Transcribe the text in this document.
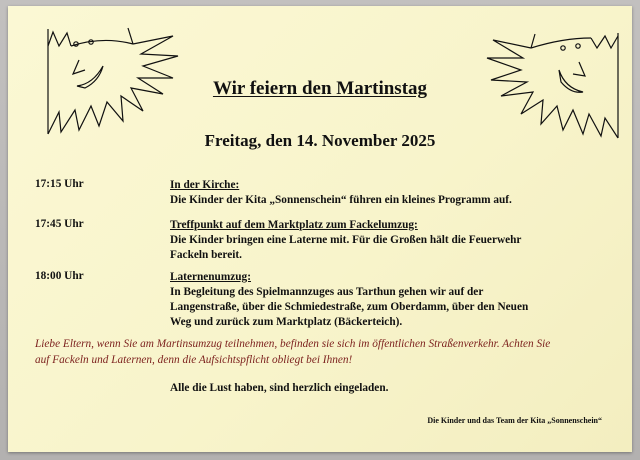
Wir feiern den Martinstag
Freitag, den 14. November 2025
17:15 Uhr	In der Kirche:
Die Kinder der Kita „Sonnenschein“ führen ein kleines Programm auf.
17:45 Uhr	Treffpunkt auf dem Marktplatz zum Fackelumzug:
Die Kinder bringen eine Laterne mit. Für die Großen hält die Feuerwehr
Fackeln bereit.
18:00 Uhr	Laternenumzug:
In Begleitung des Spielmannzuges aus Tarthun gehen wir auf der
Langenstraße, über die Schmiedestraße, zum Oberdamm, über den Neuen
Weg und zurück zum Marktplatz (Bäckerteich).
Liebe Eltern, wenn Sie am Martinsumzug teilnehmen, befinden sie sich im öffentlichen Straßenverkehr. Achten Sie
auf Fackeln und Laternen, denn die Aufsichtspflicht obliegt bei Ihnen!
Alle die Lust haben, sind herzlich eingeladen.
Die Kinder und das Team der Kita „Sonnenschein“
